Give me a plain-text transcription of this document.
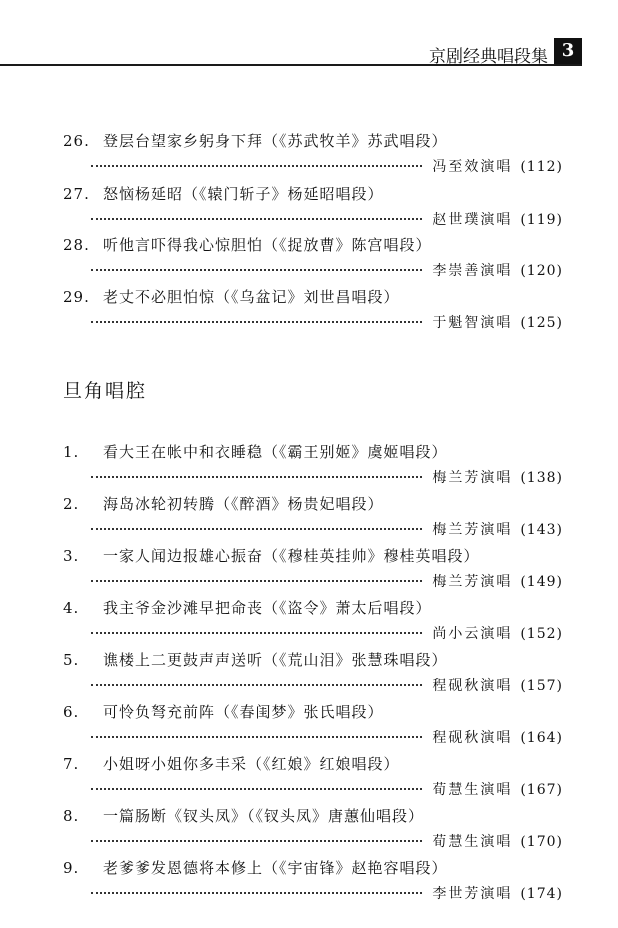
京剧经典唱段集 3
26. 登层台望家乡躬身下拜（《苏武牧羊》苏武唱段）
冯至效演唱 (112)
27. 怒恼杨延昭（《辕门斩子》杨延昭唱段）
赵世璞演唱 (119)
28. 听他言吓得我心惊胆怕（《捉放曹》陈宫唱段）
李崇善演唱 (120)
29. 老丈不必胆怕惊（《乌盆记》刘世昌唱段）
于魁智演唱 (125)
旦角唱腔
1. 看大王在帐中和衣睡稳（《霸王别姬》虞姬唱段）
梅兰芳演唱 (138)
2. 海岛冰轮初转腾（《醉酒》杨贵妃唱段）
梅兰芳演唱 (143)
3. 一家人闻边报雄心振奋（《穆桂英挂帅》穆桂英唱段）
梅兰芳演唱 (149)
4. 我主爷金沙滩早把命丧（《盗令》萧太后唱段）
尚小云演唱 (152)
5. 谯楼上二更鼓声声送听（《荒山泪》张慧珠唱段）
程砚秋演唱 (157)
6. 可怜负弩充前阵（《春闺梦》张氏唱段）
程砚秋演唱 (164)
7. 小姐呀小姐你多丰采（《红娘》红娘唱段）
荀慧生演唱 (167)
8. 一篇肠断《钗头凤》（《钗头凤》唐蕙仙唱段）
荀慧生演唱 (170)
9. 老爹爹发恩德将本修上（《宇宙锋》赵艳容唱段）
李世芳演唱 (174)
